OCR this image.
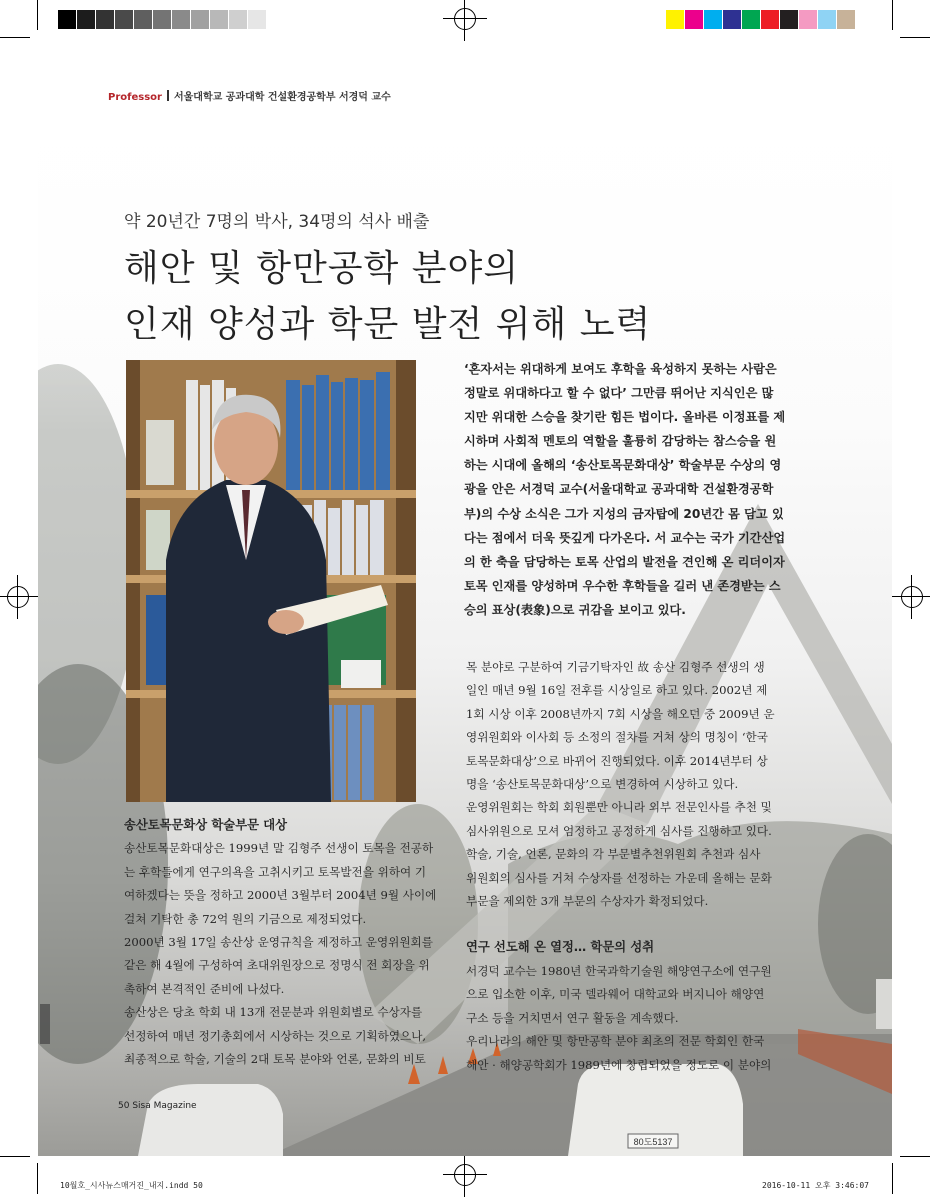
Professor 서울대학교 공과대학 건설환경공학부 서경덕 교수
약 20년간 7명의 박사, 34명의 석사 배출
해안 및 항만공학 분야의
인재 양성과 학문 발전 위해 노력
‘혼자서는 위대하게 보여도 후학을 육성하지 못하는 사람은
정말로 위대하다고 할 수 없다’ 그만큼 뛰어난 지식인은 많
지만 위대한 스승을 찾기란 힘든 법이다. 올바른 이정표를 제
시하며 사회적 멘토의 역할을 훌륭히 감당하는 참스승을 원
하는 시대에 올해의 ‘송산토목문화대상’ 학술부문 수상의 영
광을 안은 서경덕 교수(서울대학교 공과대학 건설환경공학
부)의 수상 소식은 그가 지성의 금자탑에 20년간 몸 담고 있
다는 점에서 더욱 뜻깊게 다가온다. 서 교수는 국가 기간산업
의 한 축을 담당하는 토목 산업의 발전을 견인해 온 리더이자
토목 인재를 양성하며 우수한 후학들을 길러 낸 존경받는 스
승의 표상(表象)으로 귀감을 보이고 있다.
송산토목문화상 학술부문 대상
송산토목문화대상은 1999년 말 김형주 선생이 토목을 전공하
는 후학들에게 연구의욕을 고취시키고 토목발전을 위하여 기
여하겠다는 뜻을 정하고 2000년 3월부터 2004년 9월 사이에
걸쳐 기탁한 총 72억 원의 기금으로 제정되었다.
2000년 3월 17일 송산상 운영규칙을 제정하고 운영위원회를
같은 해 4월에 구성하여 초대위원장으로 정명식 전 회장을 위
촉하여 본격적인 준비에 나섰다.
송산상은 당초 학회 내 13개 전문분과 위원회별로 수상자를
선정하여 매년 정기총회에서 시상하는 것으로 기획하였으나,
최종적으로 학술, 기술의 2대 토목 분야와 언론, 문화의 비토
목 분야로 구분하여 기금기탁자인 故 송산 김형주 선생의 생
일인 매년 9월 16일 전후를 시상일로 하고 있다. 2002년 제
1회 시상 이후 2008년까지 7회 시상을 해오던 중 2009년 운
영위원회와 이사회 등 소정의 절차를 거쳐 상의 명칭이 ‘한국
토목문화대상’으로 바뀌어 진행되었다. 이후 2014년부터 상
명을 ‘송산토목문화대상’으로 변경하여 시상하고 있다.
운영위원회는 학회 회원뿐만 아니라 외부 전문인사를 추천 및
심사위원으로 모셔 엄정하고 공정하게 심사를 진행하고 있다.
학술, 기술, 언론, 문화의 각 부문별추천위원회 추천과 심사
위원회의 심사를 거쳐 수상자를 선정하는 가운데 올해는 문화
부문을 제외한 3개 부문의 수상자가 확정되었다.
연구 선도해 온 열정… 학문의 성취
서경덕 교수는 1980년 한국과학기술원 해양연구소에 연구원
으로 입소한 이후, 미국 델라웨어 대학교와 버지니아 해양연
구소 등을 거치면서 연구 활동을 계속했다.
우리나라의 해안 및 항만공학 분야 최초의 전문 학회인 한국
해안 · 해양공학회가 1989년에 창립되었을 정도로 이 분야의
50 Sisa Magazine
10월호_시사뉴스매거진_내지.indd 50	2016-10-11 오후 3:46:07
